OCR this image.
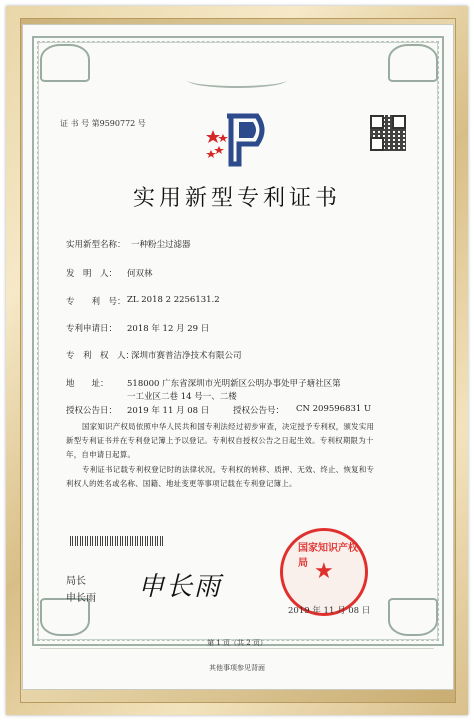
证 书 号 第9590772 号
实用新型专利证书
实用新型名称： 一种粉尘过滤器
发　明　人： 何双林
专　　利　号： ZL 2018 2 2256131.2
专利申请日： 2018 年 12 月 29 日
专　利　权　人：
深圳市赛普洁净技术有限公司
地　　址： 518000 广东省深圳市光明新区公明办事处甲子塘社区第
一工业区二巷 14 号一、二楼
授权公告日： 2019 年 11 月 08 日	授权公告号： CN 209596831 U
国家知识产权局依照中华人民共和国专利法经过初步审查，决定授予专利权，颁发实用
新型专利证书并在专利登记簿上予以登记。专利权自授权公告之日起生效。专利权期限为十
年，自申请日起算。
专利证书记载专利权登记时的法律状况。专利权的转移、质押、无效、终止、恢复和专
利权人的姓名或名称、国籍、地址变更等事项记载在专利登记簿上。
局长
申长雨 申长雨
★
国家知识产权局
2019 年 11 月 08 日
第 1 页（共 2 页）
其他事项参见背面
